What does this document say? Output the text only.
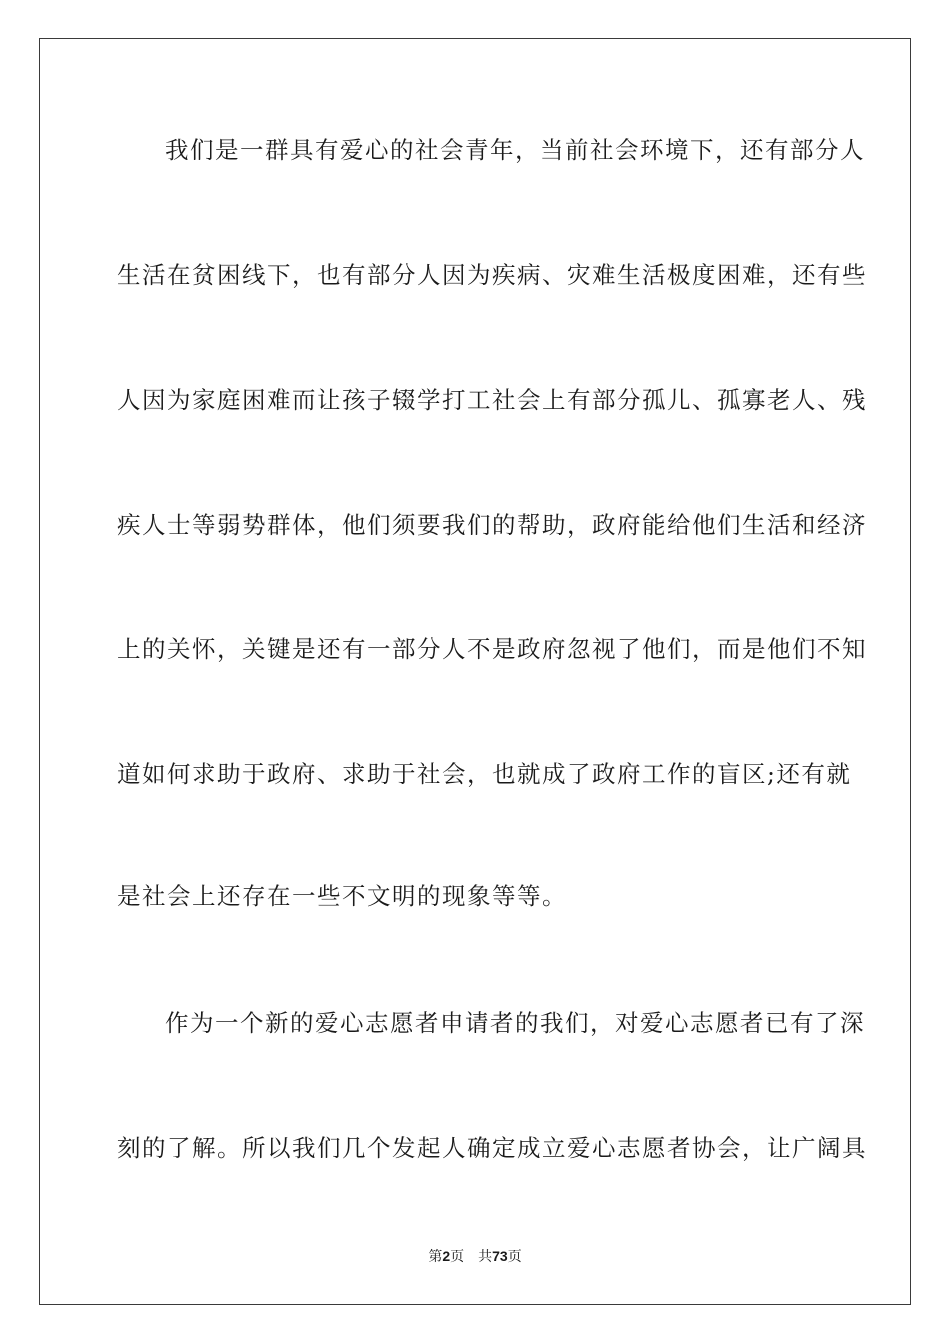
我们是一群具有爱心的社会青年，当前社会环境下，还有部分人
生活在贫困线下，也有部分人因为疾病、灾难生活极度困难，还有些
人因为家庭困难而让孩子辍学打工社会上有部分孤儿、孤寡老人、残
疾人士等弱势群体，他们须要我们的帮助，政府能给他们生活和经济
上的关怀，关键是还有一部分人不是政府忽视了他们，而是他们不知
道如何求助于政府、求助于社会，也就成了政府工作的盲区;还有就
是社会上还存在一些不文明的现象等等。
作为一个新的爱心志愿者申请者的我们，对爱心志愿者已有了深
刻的了解。所以我们几个发起人确定成立爱心志愿者协会，让广阔具
第2页 共73页
